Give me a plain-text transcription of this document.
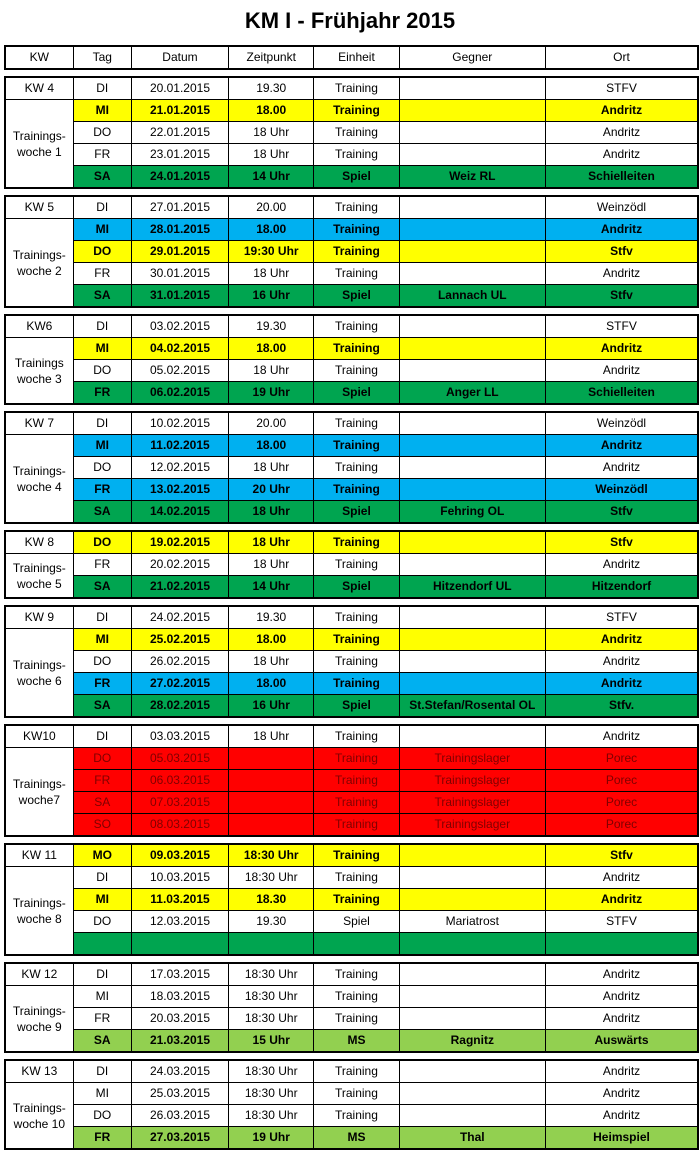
KM I - Frühjahr 2015
KW	Tag	Datum	Zeitpunkt	Einheit	Gegner	Ort
KW 4	DI	20.01.2015	19.30	Training		STFV
Trainings-
woche 1	MI	21.01.2015	18.00	Training		Andritz
	DO	22.01.2015	18 Uhr	Training		Andritz
	FR	23.01.2015	18 Uhr	Training		Andritz
	SA	24.01.2015	14 Uhr	Spiel	Weiz RL	Schielleiten
KW 5	DI	27.01.2015	20.00	Training		Weinzödl
Trainings-
woche 2	MI	28.01.2015	18.00	Training		Andritz
	DO	29.01.2015	19:30 Uhr	Training		Stfv
	FR	30.01.2015	18 Uhr	Training		Andritz
	SA	31.01.2015	16 Uhr	Spiel	Lannach UL	Stfv
KW6	DI	03.02.2015	19.30	Training		STFV
Trainings
woche 3	MI	04.02.2015	18.00	Training		Andritz
	DO	05.02.2015	18 Uhr	Training		Andritz
	FR	06.02.2015	19 Uhr	Spiel	Anger LL	Schielleiten
KW 7	DI	10.02.2015	20.00	Training		Weinzödl
Trainings-
woche 4	MI	11.02.2015	18.00	Training		Andritz
	DO	12.02.2015	18 Uhr	Training		Andritz
	FR	13.02.2015	20 Uhr	Training		Weinzödl
	SA	14.02.2015	18 Uhr	Spiel	Fehring OL	Stfv
KW 8	DO	19.02.2015	18 Uhr	Training		Stfv
Trainings-
woche 5	FR	20.02.2015	18 Uhr	Training		Andritz
	SA	21.02.2015	14 Uhr	Spiel	Hitzendorf UL	Hitzendorf
KW 9	DI	24.02.2015	19.30	Training		STFV
Trainings-
woche 6	MI	25.02.2015	18.00	Training		Andritz
	DO	26.02.2015	18 Uhr	Training		Andritz
	FR	27.02.2015	18.00	Training		Andritz
	SA	28.02.2015	16 Uhr	Spiel	St.Stefan/Rosental OL	Stfv.
KW10	DI	03.03.2015	18 Uhr	Training		Andritz
Trainings-
woche7	DO	05.03.2015		Training	Trainingslager	Porec
	FR	06.03.2015		Training	Trainingslager	Porec
	SA	07.03.2015		Training	Trainingslager	Porec
	SO	08.03.2015		Training	Trainingslager	Porec
KW 11	MO	09.03.2015	18:30 Uhr	Training		Stfv
Trainings-
woche 8	DI	10.03.2015	18:30 Uhr	Training		Andritz
	MI	11.03.2015	18.30	Training		Andritz
	DO	12.03.2015	19.30	Spiel	Mariatrost	STFV

KW 12	DI	17.03.2015	18:30 Uhr	Training		Andritz
Trainings-
woche 9	MI	18.03.2015	18:30 Uhr	Training		Andritz
	FR	20.03.2015	18:30 Uhr	Training		Andritz
	SA	21.03.2015	15 Uhr	MS	Ragnitz	Auswärts
KW 13	DI	24.03.2015	18:30 Uhr	Training		Andritz
Trainings-
woche 10	MI	25.03.2015	18:30 Uhr	Training		Andritz
	DO	26.03.2015	18:30 Uhr	Training		Andritz
	FR	27.03.2015	19 Uhr	MS	Thal	Heimspiel
